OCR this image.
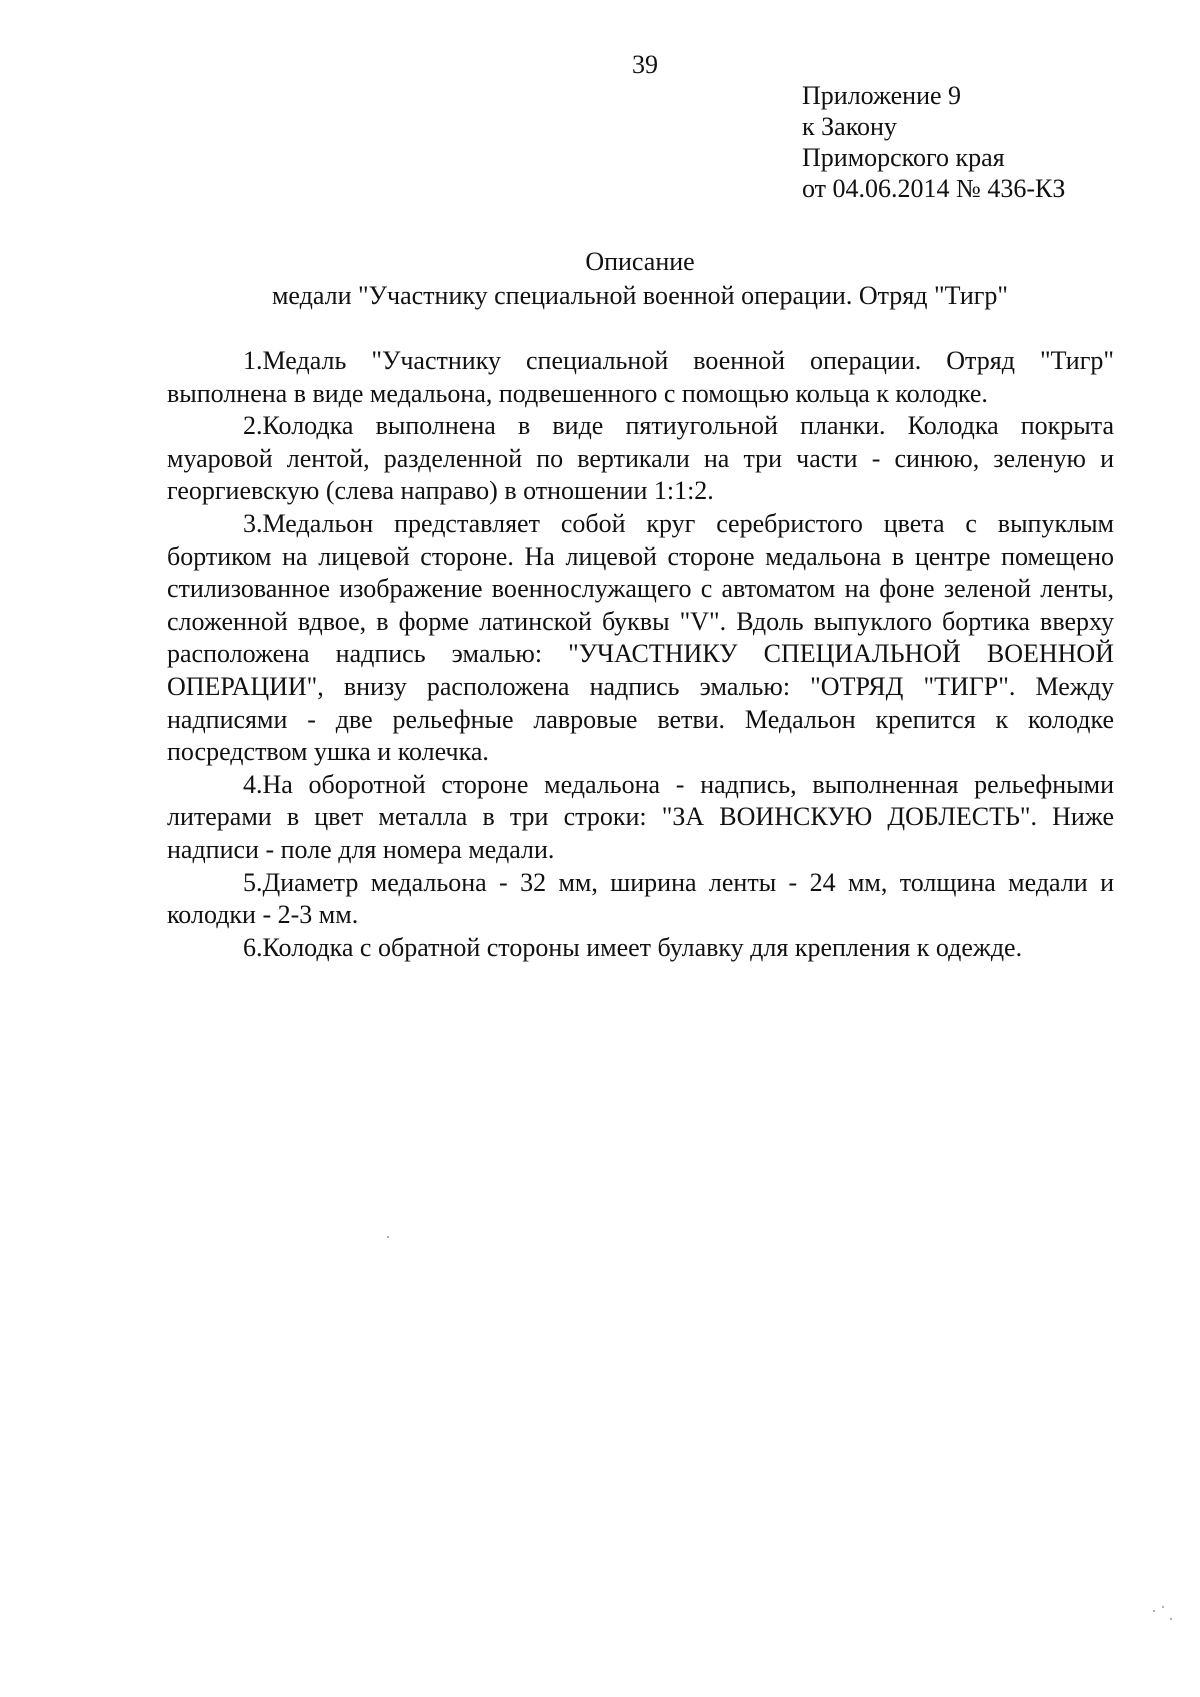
39
Приложение 9
к Закону
Приморского края
от 04.06.2014 № 436-КЗ
Описание
медали "Участнику специальной военной операции. Отряд "Тигр"

1.Медаль "Участнику специальной военной операции. Отряд "Тигр" выполнена в виде медальона, подвешенного с помощью кольца к колодке.

2.Колодка выполнена в виде пятиугольной планки. Колодка покрыта муаровой лентой, разделенной по вертикали на три части - синюю, зеленую и георгиевскую (слева направо) в отношении 1:1:2.

3.Медальон представляет собой круг серебристого цвета с выпуклым бортиком на лицевой стороне. На лицевой стороне медальона в центре помещено стилизованное изображение военнослужащего с автоматом на фоне зеленой ленты, сложенной вдвое, в форме латинской буквы "V". Вдоль выпуклого бортика вверху расположена надпись эмалью: "УЧАСТНИКУ СПЕЦИАЛЬНОЙ ВОЕННОЙ ОПЕРАЦИИ", внизу расположена надпись эмалью: "ОТРЯД "ТИГР". Между надписями - две рельефные лавровые ветви. Медальон крепится к колодке посредством ушка и колечка.

4.На оборотной стороне медальона - надпись, выполненная рельефными литерами в цвет металла в три строки: "ЗА ВОИНСКУЮ ДОБЛЕСТЬ". Ниже надписи - поле для номера медали.

5.Диаметр медальона - 32 мм, ширина ленты - 24 мм, толщина медали и колодки - 2-3 мм.

6.Колодка с обратной стороны имеет булавку для крепления к одежде.
